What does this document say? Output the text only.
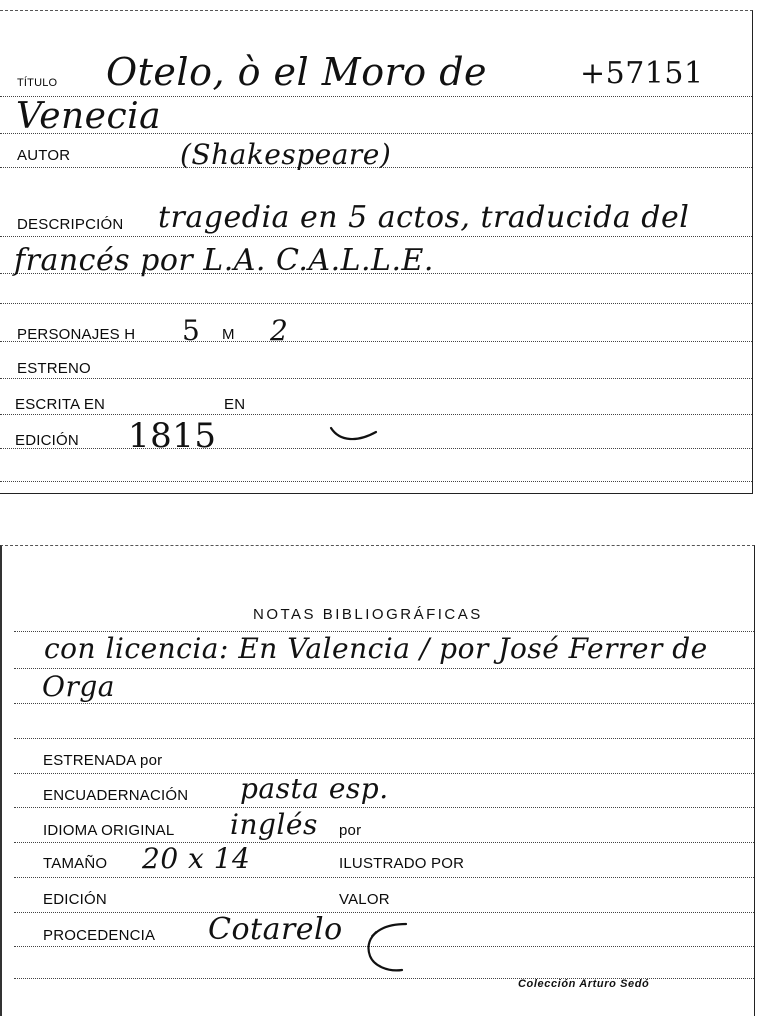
TÍTULO Otelo, ò el Moro de	+57151
Venecia
AUTOR	(Shakespeare)
DESCRIPCIÓN tragedia en 5 actos, traducida del
francés por L.A. C.A.L.L.E.
PERSONAJES H 5 M 2
ESTRENO
ESCRITA EN	EN
EDICIÓN 1815
NOTAS BIBLIOGRÁFICAS
con licencia: En Valencia / por José Ferrer de
Orga
ESTRENADA por
ENCUADERNACIÓN pasta esp.
IDIOMA ORIGINAL inglés por
TAMAÑO 20 x 14	ILUSTRADO POR
EDICIÓN	VALOR
PROCEDENCIA Cotarelo
Colección Arturo Sedó
